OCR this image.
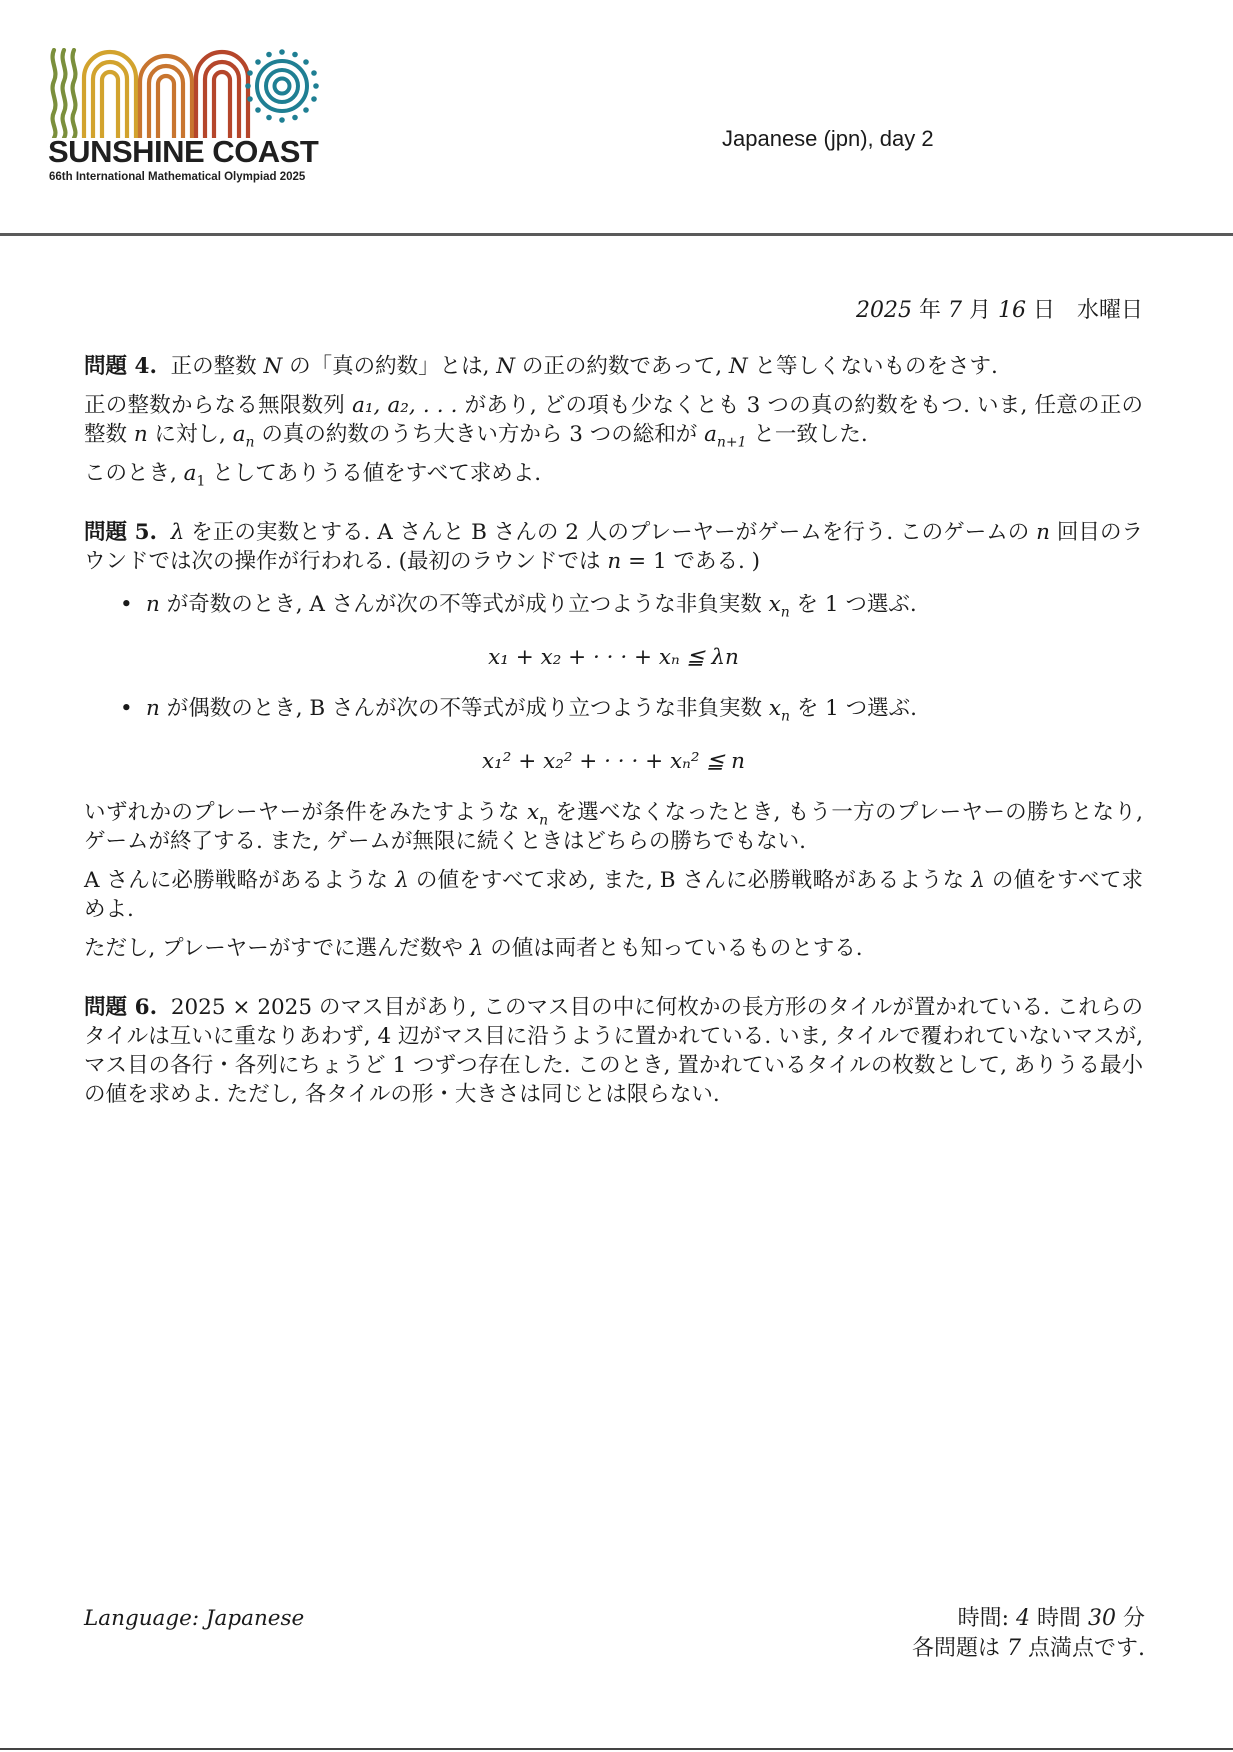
SUNSHINE COAST
66th International Mathematical Olympiad 2025
Japanese (jpn), day 2
2025 年 7 月 16 日　水曜日

問題 4. 正の整数 N の「真の約数」とは, N の正の約数であって, N と等しくないものをさす.

正の整数からなる無限数列 a₁, a₂, . . . があり, どの項も少なくとも 3 つの真の約数をもつ. いま, 任意の正の整数 n に対し, $a_n$ の真の約数のうち大きい方から 3 つの総和が $a_{n+1}$ と一致した.

このとき, $a_1$ としてありうる値をすべて求めよ.

問題 5. λ を正の実数とする. A さんと B さんの 2 人のプレーヤーがゲームを行う. このゲームの n 回目のラウンドでは次の操作が行われる. (最初のラウンドでは n = 1 である. )

• n が奇数のとき, A さんが次の不等式が成り立つような非負実数 $x_n$ を 1 つ選ぶ.
x₁ + x₂ + · · · + xₙ ≦ λn
• n が偶数のとき, B さんが次の不等式が成り立つような非負実数 $x_n$ を 1 つ選ぶ.
x₁² + x₂² + · · · + xₙ² ≦ n

いずれかのプレーヤーが条件をみたすような $x_n$ を選べなくなったとき, もう一方のプレーヤーの勝ちとなり, ゲームが終了する. また, ゲームが無限に続くときはどちらの勝ちでもない.

A さんに必勝戦略があるような λ の値をすべて求め, また, B さんに必勝戦略があるような λ の値をすべて求めよ.

ただし, プレーヤーがすでに選んだ数や λ の値は両者とも知っているものとする.

問題 6. 2025 × 2025 のマス目があり, このマス目の中に何枚かの長方形のタイルが置かれている. これらのタイルは互いに重なりあわず, 4 辺がマス目に沿うように置かれている. いま, タイルで覆われていないマスが, マス目の各行・各列にちょうど 1 つずつ存在した. このとき, 置かれているタイルの枚数として, ありうる最小の値を求めよ. ただし, 各タイルの形・大きさは同じとは限らない.

Language: Japanese	時間: 4 時間 30 分
各問題は 7 点満点です.
